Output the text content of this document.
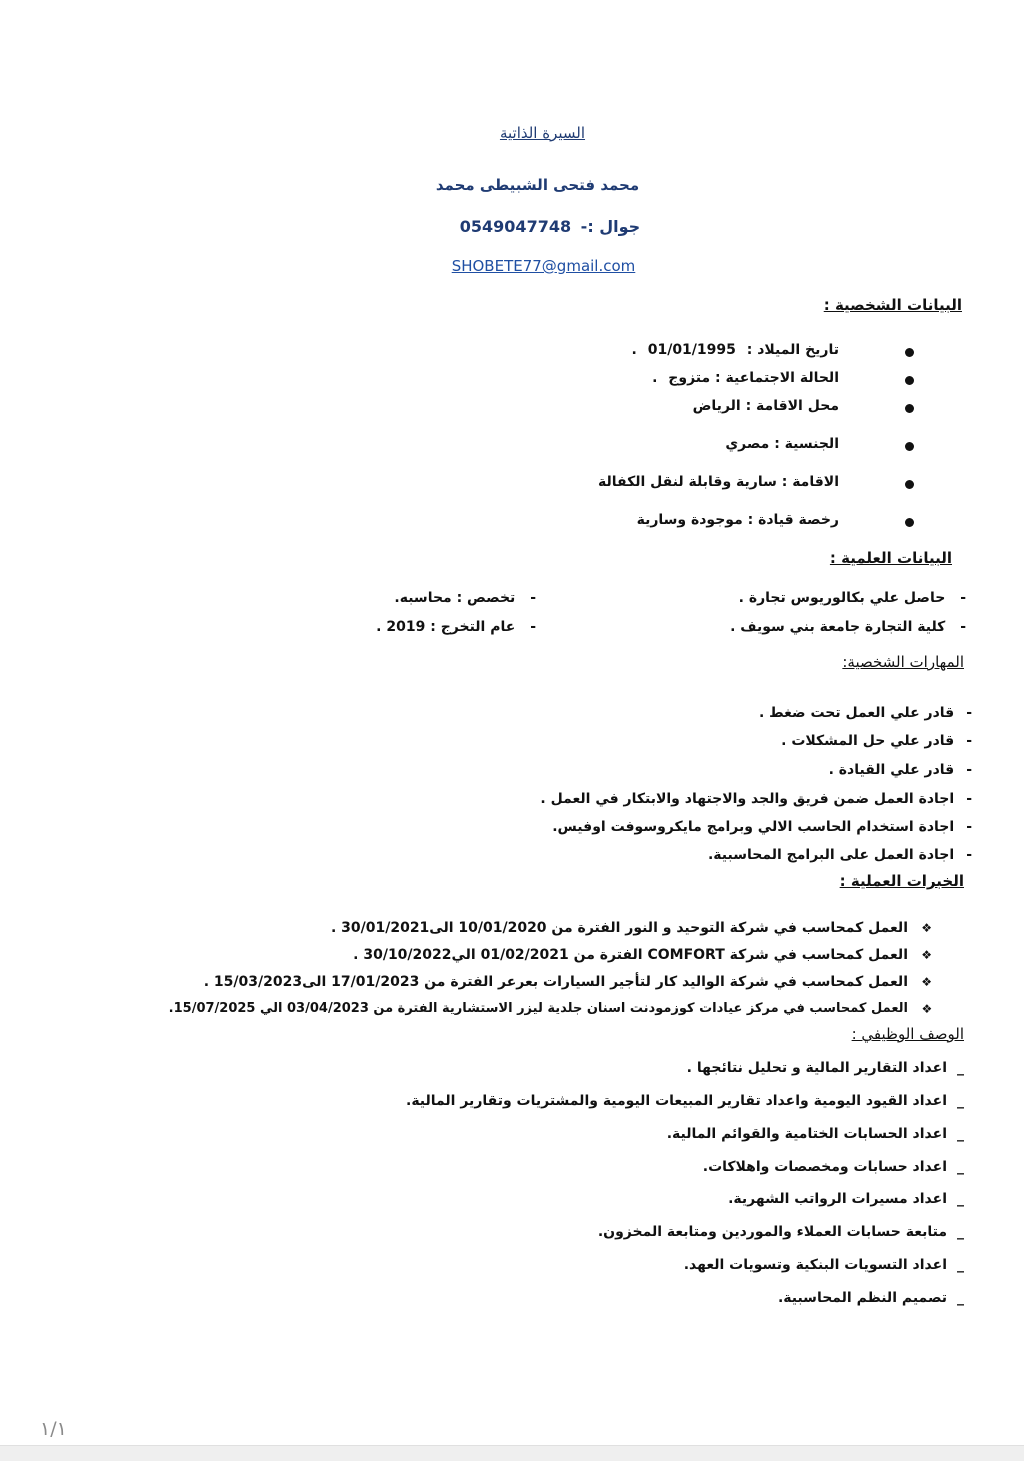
السيرة الذاتية
محمد فتحى الشبيطى محمد
جوال :- 0549047748
SHOBETE77@gmail.com
البيانات الشخصية :
تاريخ الميلاد : 01/01/1995 .
الحالة الاجتماعية : متزوج .
محل الاقامة : الرياض
الجنسية : مصري
الاقامة : سارية وقابلة لنقل الكفالة
رخصة قيادة : موجودة وسارية
البيانات العلمية :
- حاصل علي بكالوريوس تجارة .
- كلية التجارة جامعة بني سويف .
- تخصص : محاسبه.
- عام التخرج : 2019 .
المهارات الشخصية:
-قادر علي العمل تحت ضغط .
-قادر علي حل المشكلات .
-قادر علي القيادة .
-اجادة العمل ضمن فريق والجد والاجتهاد والابتكار في العمل .
-اجادة استخدام الحاسب الالي وبرامج مايكروسوفت اوفيس.
-اجادة العمل على البرامج المحاسبية.
الخبرات العملية :
❖
العمل كمحاسب في شركة التوحيد و النور الفترة من 10/01/2020 الى30/01/2021 .
❖
العمل كمحاسب في شركة COMFORT الفترة من 01/02/2021 الي30/10/2022 .
❖
العمل كمحاسب في شركة الواليد كار لتأجير السيارات بعرعر الفترة من 17/01/2023 الى15/03/2023 .
❖
العمل كمحاسب في مركز عيادات كوزمودنت اسنان جلدية ليزر الاستشارية الفترة من 03/04/2023 الي 15/07/2025.
الوصف الوظيفي :
_اعداد التقارير المالية و تحليل نتائجها .
_اعداد القيود اليومية واعداد تقارير المبيعات اليومية والمشتريات وتقارير المالية.
_اعداد الحسابات الختامية والقوائم المالية.
_اعداد حسابات ومخصصات واهلاكات.
_اعداد مسيرات الرواتب الشهرية.
_متابعة حسابات العملاء والموردين ومتابعة المخزون.
_اعداد التسويات البنكية وتسويات العهد.
_تصميم النظم المحاسبية.
١/١
